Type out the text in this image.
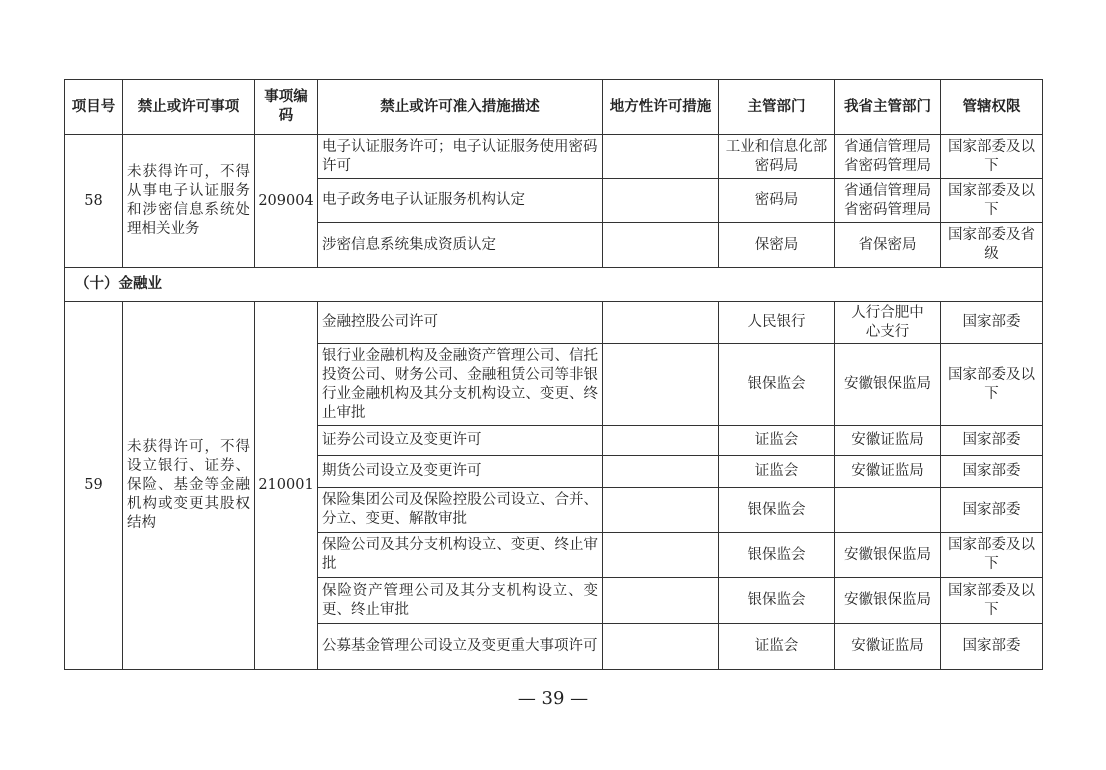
项目号	禁止或许可事项	事项编码	禁止或许可准入措施描述	地方性许可措施	主管部门	我省主管部门	管辖权限
58	未获得许可，不得从事电子认证服务和涉密信息系统处理相关业务	209004	电子认证服务许可；电子认证服务使用密码许可		工业和信息化部密码局	省通信管理局省密码管理局	国家部委及以下
			电子政务电子认证服务机构认定		密码局	省通信管理局省密码管理局	国家部委及以下
			涉密信息系统集成资质认定		保密局	省保密局	国家部委及省级
（十）金融业							
59	未获得许可，不得设立银行、证券、保险、基金等金融机构或变更其股权结构	210001	金融控股公司许可		人民银行	人行合肥中心支行	国家部委
			银行业金融机构及金融资产管理公司、信托投资公司、财务公司、金融租赁公司等非银行业金融机构及其分支机构设立、变更、终止审批		银保监会	安徽银保监局	国家部委及以下
			证券公司设立及变更许可		证监会	安徽证监局	国家部委
			期货公司设立及变更许可		证监会	安徽证监局	国家部委
			保险集团公司及保险控股公司设立、合并、分立、变更、解散审批		银保监会		国家部委
			保险公司及其分支机构设立、变更、终止审批		银保监会	安徽银保监局	国家部委及以下
			保险资产管理公司及其分支机构设立、变更、终止审批		银保监会	安徽银保监局	国家部委及以下
			公募基金管理公司设立及变更重大事项许可		证监会	安徽证监局	国家部委
— 39 —
